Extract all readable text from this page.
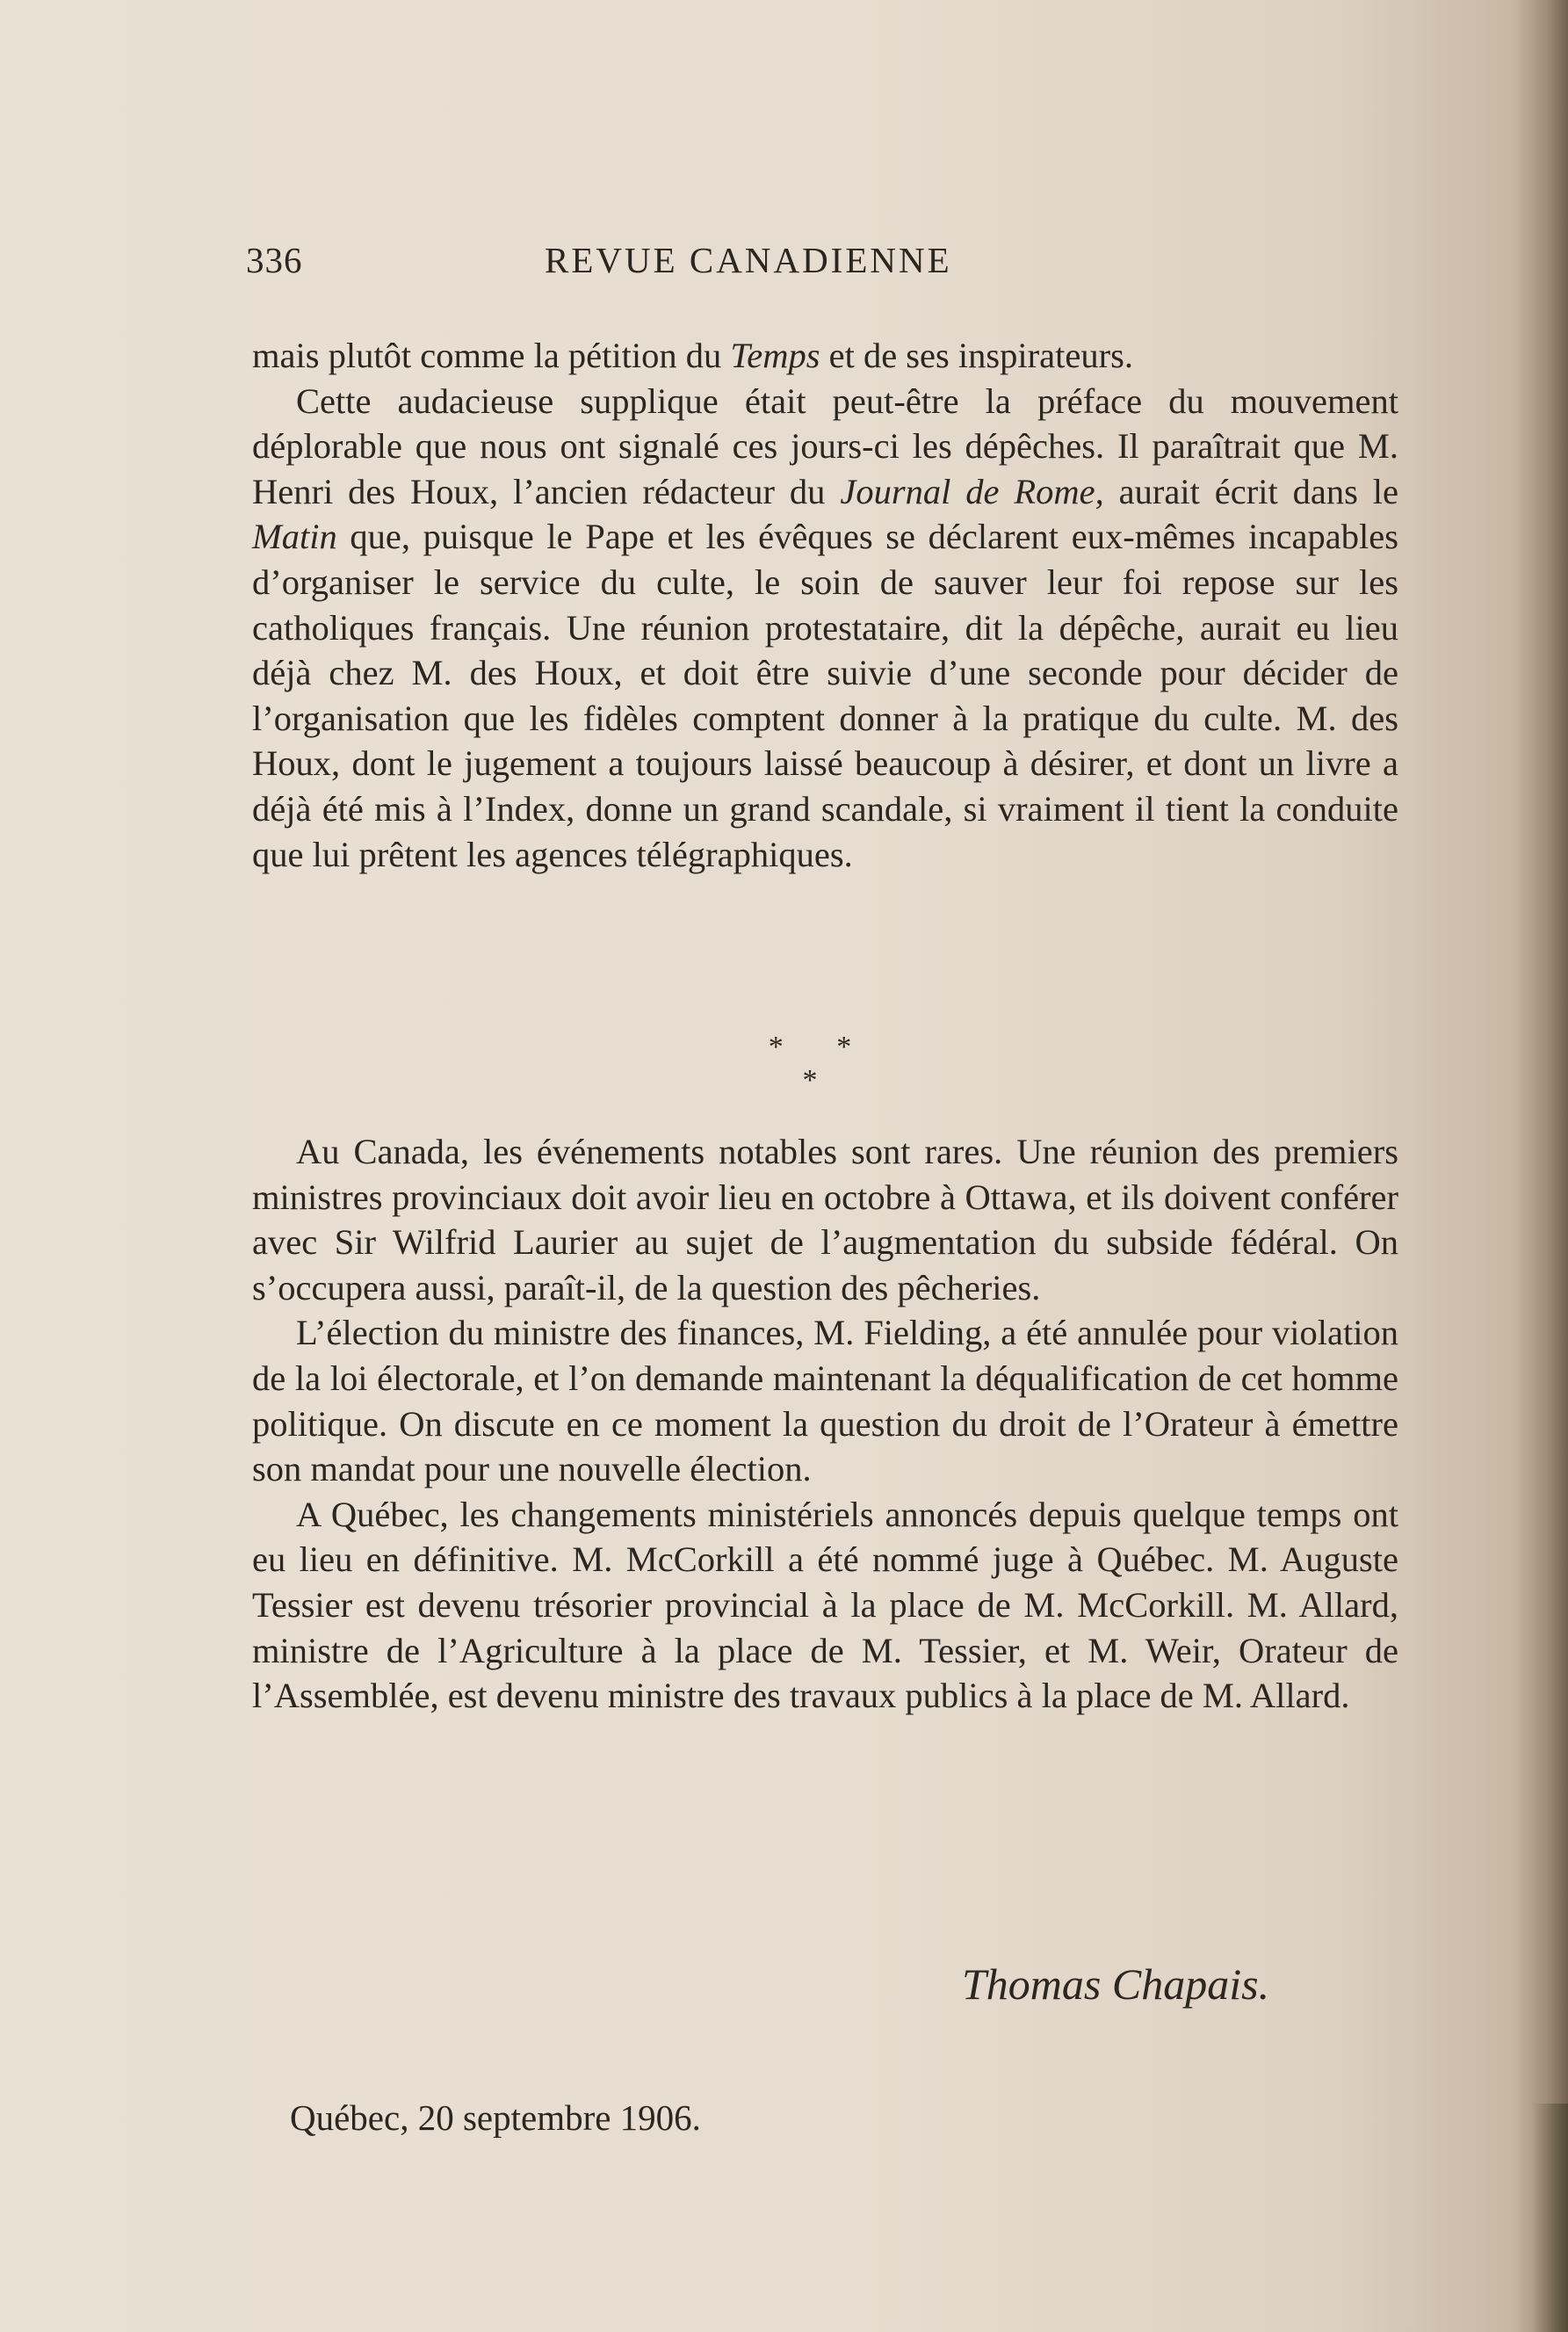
336	REVUE CANADIENNE

mais plutôt comme la pétition du Temps et de ses inspirateurs.

Cette audacieuse supplique était peut-être la préface du mouvement déplorable que nous ont signalé ces jours-ci les dépêches. Il paraîtrait que M. Henri des Houx, l’ancien rédacteur du Journal de Rome, aurait écrit dans le Matin que, puisque le Pape et les évêques se déclarent eux-mêmes incapables d’organiser le service du culte, le soin de sauver leur foi repose sur les catholiques français. Une réunion protestataire, dit la dépêche, aurait eu lieu déjà chez M. des Houx, et doit être suivie d’une seconde pour décider de l’organisation que les fidèles comptent donner à la pratique du culte. M. des Houx, dont le jugement a toujours laissé beaucoup à désirer, et dont un livre a déjà été mis à l’Index, donne un grand scandale, si vraiment il tient la conduite que lui prêtent les agences télégraphiques.

* * *

Au Canada, les événements notables sont rares. Une réunion des premiers ministres provinciaux doit avoir lieu en octobre à Ottawa, et ils doivent conférer avec Sir Wilfrid Laurier au sujet de l’augmentation du subside fédéral. On s’occupera aussi, paraît-il, de la question des pêcheries.

L’élection du ministre des finances, M. Fielding, a été annulée pour violation de la loi électorale, et l’on demande maintenant la déqualification de cet homme politique. On discute en ce moment la question du droit de l’Orateur à émettre son mandat pour une nouvelle élection.

A Québec, les changements ministériels annoncés depuis quelque temps ont eu lieu en définitive. M. McCorkill a été nommé juge à Québec. M. Auguste Tessier est devenu trésorier provincial à la place de M. McCorkill. M. Allard, ministre de l’Agriculture à la place de M. Tessier, et M. Weir, Orateur de l’Assemblée, est devenu ministre des travaux publics à la place de M. Allard.

Thomas Chapais.
Québec, 20 septembre 1906.
